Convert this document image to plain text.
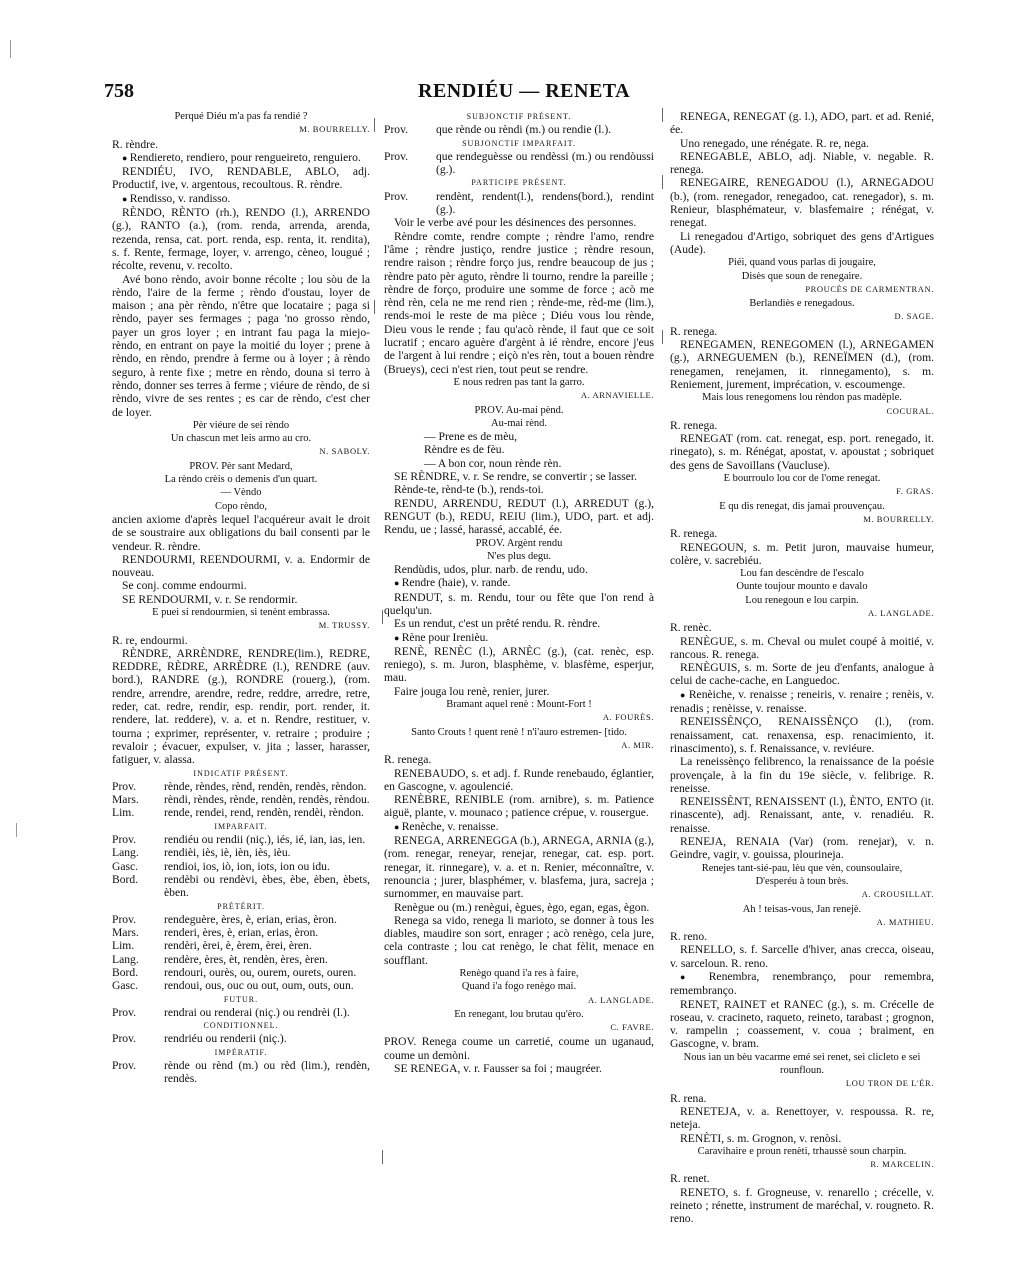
758	RENDIÉU — RENETA

Perqué Diéu m'a pas fa rendié ?

M. BOURRELLY.

R. rèndre.

● Rendiereto, rendiero, pour rengueireto, renguiero.

RENDIÉU, IVO, RENDABLE, ABLO, adj. Productif, ive, v. argentous, recoultous. R. rèndre.

● Rendisso, v. randisso.

RÈNDO, RÈNTO (rh.), RENDO (l.), ARRENDO (g.), RANTO (a.), (rom. renda, arrenda, arenda, rezenda, rensa, cat. port. renda, esp. renta, it. rendita), s. f. Rente, fermage, loyer, v. arrengo, cèneo, lougué ; récolte, revenu, v. recolto.

Avé bono rèndo, avoir bonne récolte ; lou sòu de la rèndo, l'aire de la ferme ; rèndo d'oustau, loyer de maison ; ana pèr rèndo, n'être que locataire ; paga si rèndo, payer ses fermages ; paga 'no grosso rèndo, payer un gros loyer ; en intrant fau paga la miejo-rèndo, en entrant on paye la moitié du loyer ; prene à rèndo, en rèndo, prendre à ferme ou à loyer ; à rèndo seguro, à rente fixe ; metre en rèndo, douna si terro à rèndo, donner ses terres à ferme ; viéure de rèndo, de si rèndo, vivre de ses rentes ; es car de rèndo, c'est cher de loyer.

Pèr viéure de sei rèndo

Un chascun met leis armo au cro.

N. SABOLY.

PROV. Pèr sant Medard,

La rèndo crèis o demenis d'un quart.

— Vèndo

Copo rèndo,

ancien axiome d'après lequel l'acquéreur avait le droit de se soustraire aux obligations du bail consenti par le vendeur. R. rèndre.

RENDOURMI, REENDOURMI, v. a. Endormir de nouveau.

Se conj. comme endourmi.

SE RENDOURMI, v. r. Se rendormir.

E puei si rendourmien, si tenènt embrassa.

M. TRUSSY.

R. re, endourmi.

RÈNDRE, ARRÈNDRE, RENDRE(lim.), REDRE, REDDRE, RÈDRE, ARRÈDRE (l.), RENDRE (auv. bord.), RANDRE (g.), RONDRE (rouerg.), (rom. rendre, arrendre, arendre, redre, reddre, arredre, retre, reder, cat. redre, rendir, esp. rendir, port. render, it. rendere, lat. reddere), v. a. et n. Rendre, restituer, v. tourna ; exprimer, représenter, v. retraire ; produire ; revaloir ; évacuer, expulser, v. jita ; lasser, harasser, fatiguer, v. alassa.

INDICATIF PRÉSENT.

Prov. rènde, rèndes, rènd, rendèn, rendès, rèndon.

Mars. rèndi, rèndes, rènde, rendèn, rendès, rèndou.

Lim.	rende, rendei, rend, rendèn, rendèi, rèndon.

IMPARFAIT.

Prov. rendiéu ou rendii (niç.), iés, ié, ian, ias, ien.

Lang. rendièi, iès, iè, ièn, iès, ièu.

Gasc. rendioi, ios, iò, ion, iots, ion ou idu.

Bord. rendèbi ou rendèvi, èbes, èbe, èben, èbets, èben.

PRÉTÉRIT.

Prov. rendeguère, ères, è, erian, erias, èron.

Mars. renderi, ères, è, erian, erias, èron.

Lim.	rendèri, èrei, è, èrem, èrei, èren.

Lang. rendère, ères, èt, rendèn, ères, èren.

Bord. rendouri, ourès, ou, ourem, ourets, ouren.

Gasc. rendoui, ous, ouc ou out, oum, outs, oun.

FUTUR.

Prov. rendrai ou renderai (niç.) ou rendrèi (l.).

CONDITIONNEL.

Prov. rendriéu ou renderii (niç.).

IMPÉRATIF.

Prov. rènde ou rènd (m.) ou rèd (lim.), rendèn, rendès.

SUBJONCTIF PRÉSENT.

Prov. que rènde ou rèndi (m.) ou rendie (l.).

SUBJONCTIF IMPARFAIT.

Prov. que rendeguèsse ou rendèssi (m.) ou rendòussi (g.).

PARTICIPE PRÉSENT.

Prov. rendènt, rendent(l.), rendens(bord.), rendint (g.).

Voir le verbe avé pour les désinences des personnes.

Rèndre comte, rendre compte ; rèndre l'amo, rendre l'âme ; rèndre justiço, rendre justice ; rèndre resoun, rendre raison ; rèndre forço jus, rendre beaucoup de jus ; rèndre pato pèr aguto, rèndre li tourno, rendre la pareille ; rèndre de forço, produire une somme de force ; acò me rènd rèn, cela ne me rend rien ; rènde-me, rèd-me (lim.), rends-moi le reste de ma pièce ; Diéu vous lou rènde, Dieu vous le rende ; fau qu'acò rènde, il faut que ce soit lucratif ; encaro aguère d'argènt à ié rèndre, encore j'eus de l'argent à lui rendre ; eiçò n'es rèn, tout a bouen rèndre (Brueys), ceci n'est rien, tout peut se rendre.

E nous redren pas tant la garro.

A. ARNAVIELLE.

PROV. Au-mai pènd.

Au-mai rènd.

— Prene es de mèu,

Rèndre es de fèu.

— A bon cor, noun rènde rèn.

SE RÈNDRE, v. r. Se rendre, se convertir ; se lasser.

Rènde-te, rènd-te (b.), rends-toi.

RENDU, ARRENDU, REDUT (l.), ARREDUT (g.), RENGUT (b.), REDU, REIU (lim.), UDO, part. et adj. Rendu, ue ; lassé, harassé, accablé, ée.

PROV. Argènt rendu

N'es plus degu.

Rendùdis, udos, plur. narb. de rendu, udo.

● Rendre (haie), v. rande.

RENDUT, s. m. Rendu, tour ou fête que l'on rend à quelqu'un.

Es un rendut, c'est un prêté rendu. R. rèndre.

● Rène pour Irenièu.

RENÈ, RENÈC (l.), ARNÈC (g.), (cat. renèc, esp. reniego), s. m. Juron, blasphème, v. blasfème, esperjur, mau.

Faire jouga lou renè, renier, jurer.

Bramant aquel renè : Mount-Fort !

A. FOURÈS.

Santo Crouts ! quent renè ! n'i'auro estremen- [tido.

A. MIR.

R. renega.

RENEBAUDO, s. et adj. f. Runde renebaudo, églantier, en Gascogne, v. agoulencié.

RENÈBRE, RENIBLE (rom. arnibre), s. m. Patience aiguë, plante, v. mounaco ; patience crépue, v. rousergue.

● Renèche, v. renaisse.

RENEGA, ARRENEGGA (b.), ARNEGA, ARNIA (g.), (rom. renegar, reneyar, renejar, renegar, cat. esp. port. renegar, it. rinnegare), v. a. et n. Renier, méconnaître, v. renouncia ; jurer, blasphémer, v. blasfema, jura, sacreja ; surnommer, en mauvaise part.

Renègue ou (m.) renègui, ègues, ègo, egan, egas, ègon.

Renega sa vido, renega li marioto, se donner à tous les diables, maudire son sort, enrager ; acò renègo, cela jure, cela contraste ; lou cat renègo, le chat fèlit, menace en soufflant.

Renègo quand i'a res à faire,

Quand i'a fogo renègo mai.

A. LANGLADE.

En renegant, lou brutau qu'èro.

C. FAVRE.

PROV. Renega coume un carretié, coume un uganaud, coume un demòni.

SE RENEGA, v. r. Fausser sa foi ; maugréer.

RENEGA, RENEGAT (g. l.), ADO, part. et ad. Renié, ée.

Uno renegado, une rénégate. R. re, nega.

RENEGABLE, ABLO, adj. Niable, v. negable. R. renega.

RENEGAIRE, RENEGADOU (l.), ARNEGADOU (b.), (rom. renegador, renegadoo, cat. renegador), s. m. Renieur, blasphémateur, v. blasfemaire ; rénégat, v. renegat.

Li renegadou d'Artigo, sobriquet des gens d'Artigues (Aude).

Piéi, quand vous parlas di jougaire,

Disès que soun de renegaire.

PROUCÈS DE CARMENTRAN.

Berlandiès e renegadous.

D. SAGE.

R. renega.

RENEGAMEN, RENEGOMEN (l.), ARNEGAMEN (g.), ARNEGUEMEN (b.), RENEÏMEN (d.), (rom. renegamen, renejamen, it. rinnegamento), s. m. Reniement, jurement, imprécation, v. escoumenge.

Mais lous renegomens lou rèndon pas madèple.

COCURAL.

R. renega.

RENEGAT (rom. cat. renegat, esp. port. renegado, it. rinegato), s. m. Rénégat, apostat, v. apoustat ; sobriquet des gens de Savoillans (Vaucluse).

E bourroulo lou cor de l'ome renegat.

F. GRAS.

E qu dis renegat, dis jamai prouvençau.

M. BOURRELLY.

R. renega.

RENEGOUN, s. m. Petit juron, mauvaise humeur, colère, v. sacrebiéu.

Lou fan descèndre de l'escalo

Ounte toujour mounto e davalo

Lou renegoun e lou carpin.

A. LANGLADE.

R. renèc.

RENÈGUE, s. m. Cheval ou mulet coupé à moitié, v. rancous. R. renega.

RENÈGUIS, s. m. Sorte de jeu d'enfants, analogue à celui de cache-cache, en Languedoc.

● Renèiche, v. renaisse ; reneiris, v. renaire ; renèis, v. renadis ; renèisse, v. renaisse.

RENEISSÈNÇO, RENAISSÈNÇO (l.), (rom. renaissament, cat. renaxensa, esp. renacimiento, it. rinascimento), s. f. Renaissance, v. reviéure.

La reneissènço felibrenco, la renaissance de la poésie provençale, à la fin du 19e siècle, v. felibrige. R. reneisse.

RENEISSÈNT, RENAISSENT (l.), ÈNTO, ENTO (it. rinascente), adj. Renaissant, ante, v. renadiéu. R. renaisse.

RENEJA, RENAIA (Var) (rom. renejar), v. n. Geindre, vagir, v. gouissa, plourineja.

Renejes tant-sié-pau, lèu que vèn, counsoulaire,

D'esperéu à toun brès.

A. CROUSILLAT.

Ah ! teisas-vous, Jan renejè.

A. MATHIEU.

R. reno.

RENELLO, s. f. Sarcelle d'hiver, anas crecca, oiseau, v. sarceloun. R. reno.

● Renembra, renembranço, pour remembra, remembranço.

RENET, RAINET et RANEC (g.), s. m. Crécelle de roseau, v. cracineto, raqueto, reineto, tarabast ; grognon, v. rampelin ; coassement, v. coua ; braiment, en Gascogne, v. bram.

Nous ian un bèu vacarme emé sei renet, sei clicleto e sei rounfloun.

LOU TRON DE L'ÈR.

R. rena.

RENETEJA, v. a. Renettoyer, v. respoussa. R. re, neteja.

RENÈTI, s. m. Grognon, v. renòsi.

Caravihaire e proun renèti, trhaussè soun charpin.

R. MARCELIN.

R. renet.

RENETO, s. f. Grogneuse, v. renarello ; crécelle, v. reineto ; rénette, instrument de maréchal, v. rougneto. R. reno.
